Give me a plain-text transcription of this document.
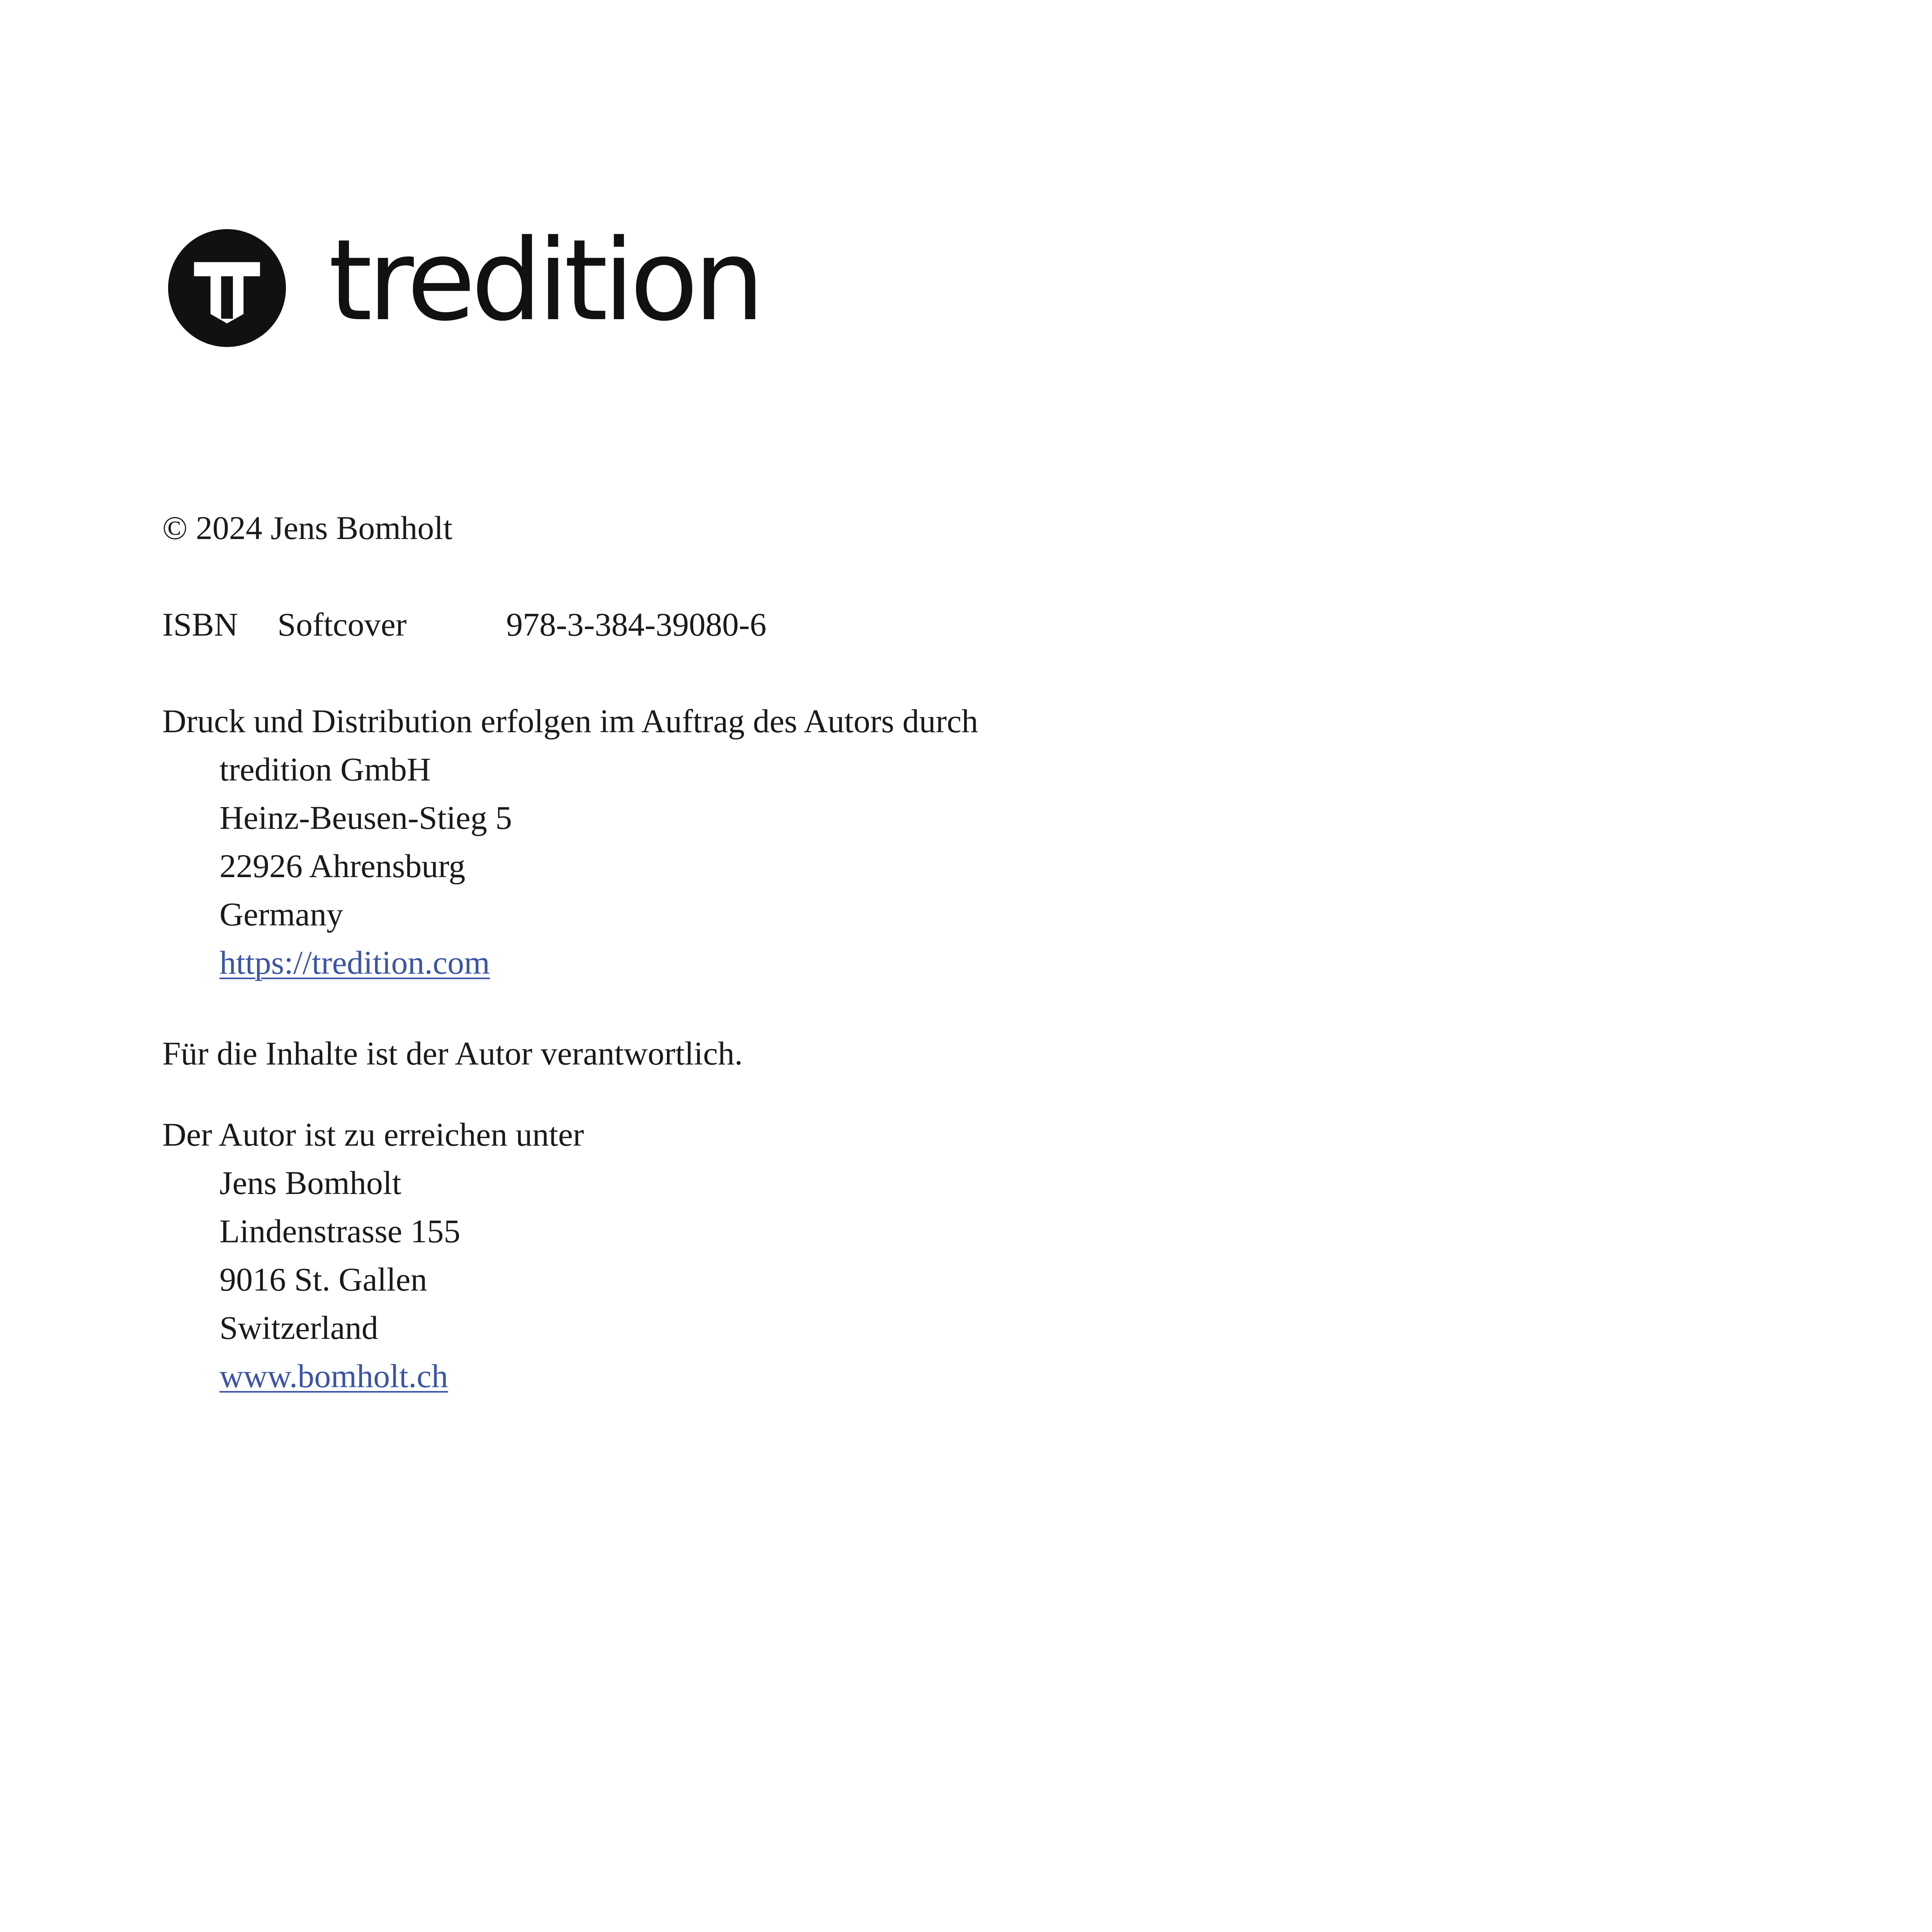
tredition
© 2024 Jens Bomholt
ISBN Softcover	978-3-384-39080-6
Druck und Distribution erfolgen im Auftrag des Autors durch
tredition GmbH
Heinz-Beusen-Stieg 5
22926 Ahrensburg
Germany
https://tredition.com
Für die Inhalte ist der Autor verantwortlich.
Der Autor ist zu erreichen unter
Jens Bomholt
Lindenstrasse 155
9016 St. Gallen
Switzerland
www.bomholt.ch
